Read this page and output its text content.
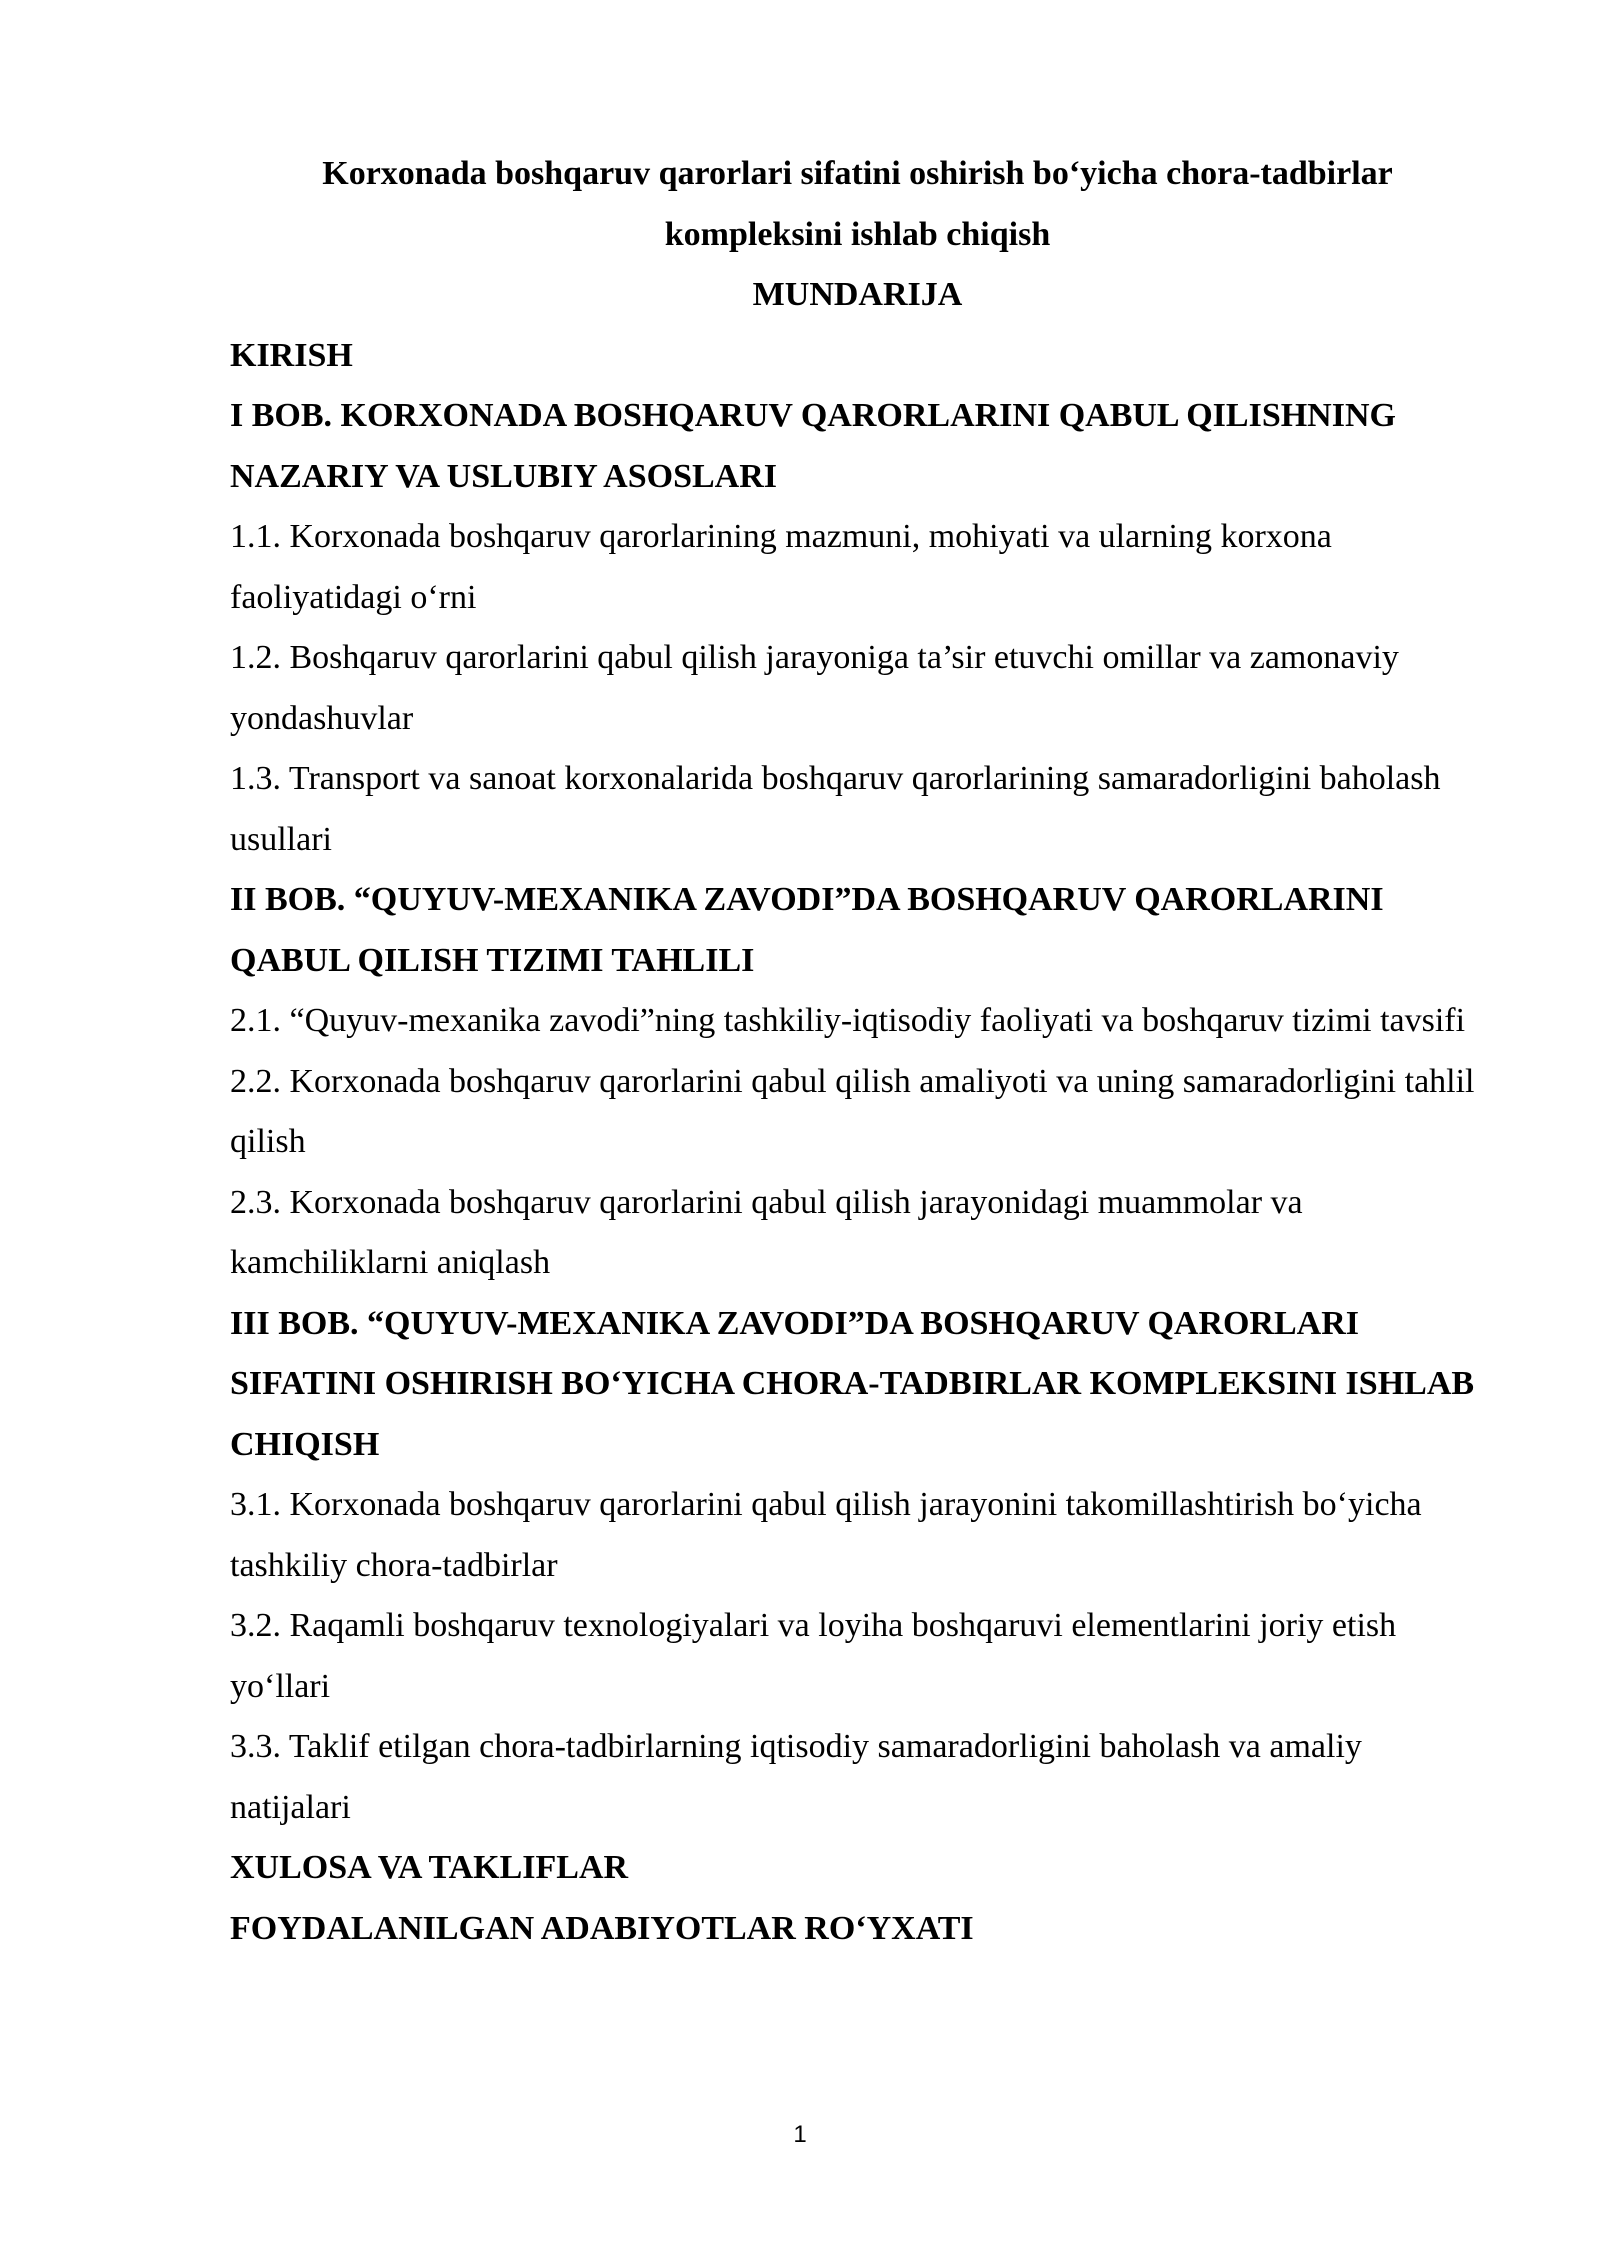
Korxonada boshqaruv qarorlari sifatini oshirish bo‘yicha chora-tadbirlar

kompleksini ishlab chiqish

MUNDARIJA

KIRISH

I BOB. KORXONADA BOSHQARUV QARORLARINI QABUL QILISHNING NAZARIY VA USLUBIY ASOSLARI

1.1. Korxonada boshqaruv qarorlarining mazmuni, mohiyati va ularning korxona faoliyatidagi o‘rni

1.2. Boshqaruv qarorlarini qabul qilish jarayoniga ta’sir etuvchi omillar va zamonaviy yondashuvlar

1.3. Transport va sanoat korxonalarida boshqaruv qarorlarining samaradorligini baholash usullari

II BOB. “QUYUV-MEXANIKA ZAVODI”DA BOSHQARUV QARORLARINI QABUL QILISH TIZIMI TAHLILI

2.1. “Quyuv-mexanika zavodi”ning tashkiliy-iqtisodiy faoliyati va boshqaruv tizimi tavsifi

2.2. Korxonada boshqaruv qarorlarini qabul qilish amaliyoti va uning samaradorligini tahlil qilish

2.3. Korxonada boshqaruv qarorlarini qabul qilish jarayonidagi muammolar va kamchiliklarni aniqlash

III BOB. “QUYUV-MEXANIKA ZAVODI”DA BOSHQARUV QARORLARI SIFATINI OSHIRISH BO‘YICHA CHORA-TADBIRLAR KOMPLEKSINI ISHLAB CHIQISH

3.1. Korxonada boshqaruv qarorlarini qabul qilish jarayonini takomillashtirish bo‘yicha tashkiliy chora-tadbirlar

3.2. Raqamli boshqaruv texnologiyalari va loyiha boshqaruvi elementlarini joriy etish yo‘llari

3.3. Taklif etilgan chora-tadbirlarning iqtisodiy samaradorligini baholash va amaliy natijalari

XULOSA VA TAKLIFLAR

FOYDALANILGAN ADABIYOTLAR RO‘YXATI

1
